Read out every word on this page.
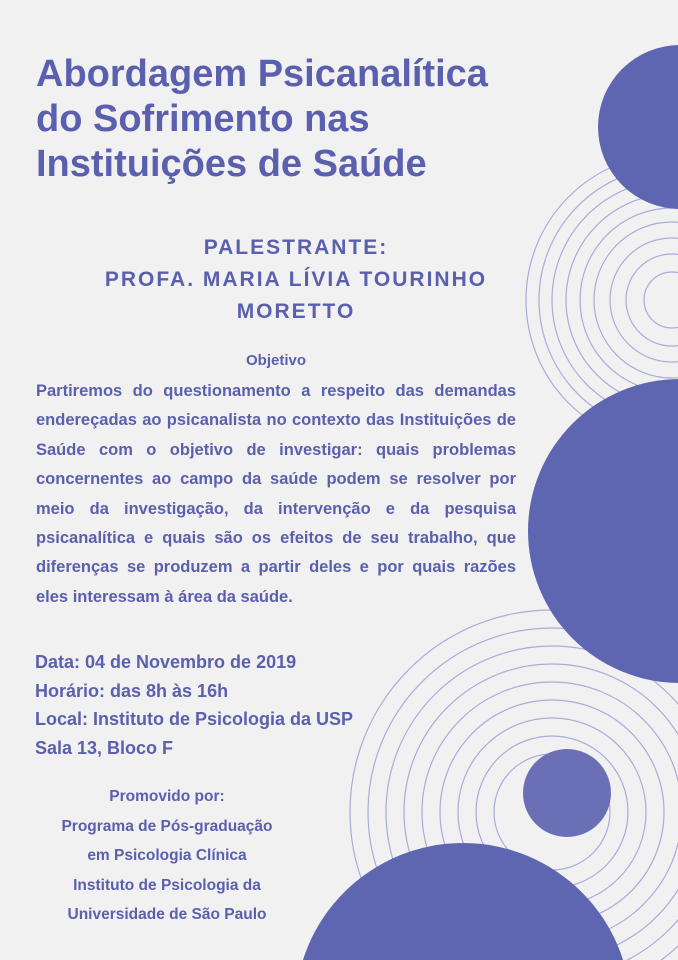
Abordagem Psicanalítica
do Sofrimento nas
Instituições de Saúde
PALESTRANTE:
PROFA. MARIA LÍVIA TOURINHO
MORETTO
Objetivo
Partiremos do questionamento a respeito das demandas endereçadas ao psicanalista no contexto das Instituições de Saúde com o objetivo de investigar: quais problemas concernentes ao campo da saúde podem se resolver por meio da investigação, da intervenção e da pesquisa psicanalítica e quais são os efeitos de seu trabalho, que diferenças se produzem a partir deles e por quais razões eles interessam à área da saúde.
Data: 04 de Novembro de 2019
Horário: das 8h às 16h
Local: Instituto de Psicologia da USP
Sala 13, Bloco F
Promovido por:
Programa de Pós-graduação
em Psicologia Clínica
Instituto de Psicologia da
Universidade de São Paulo
